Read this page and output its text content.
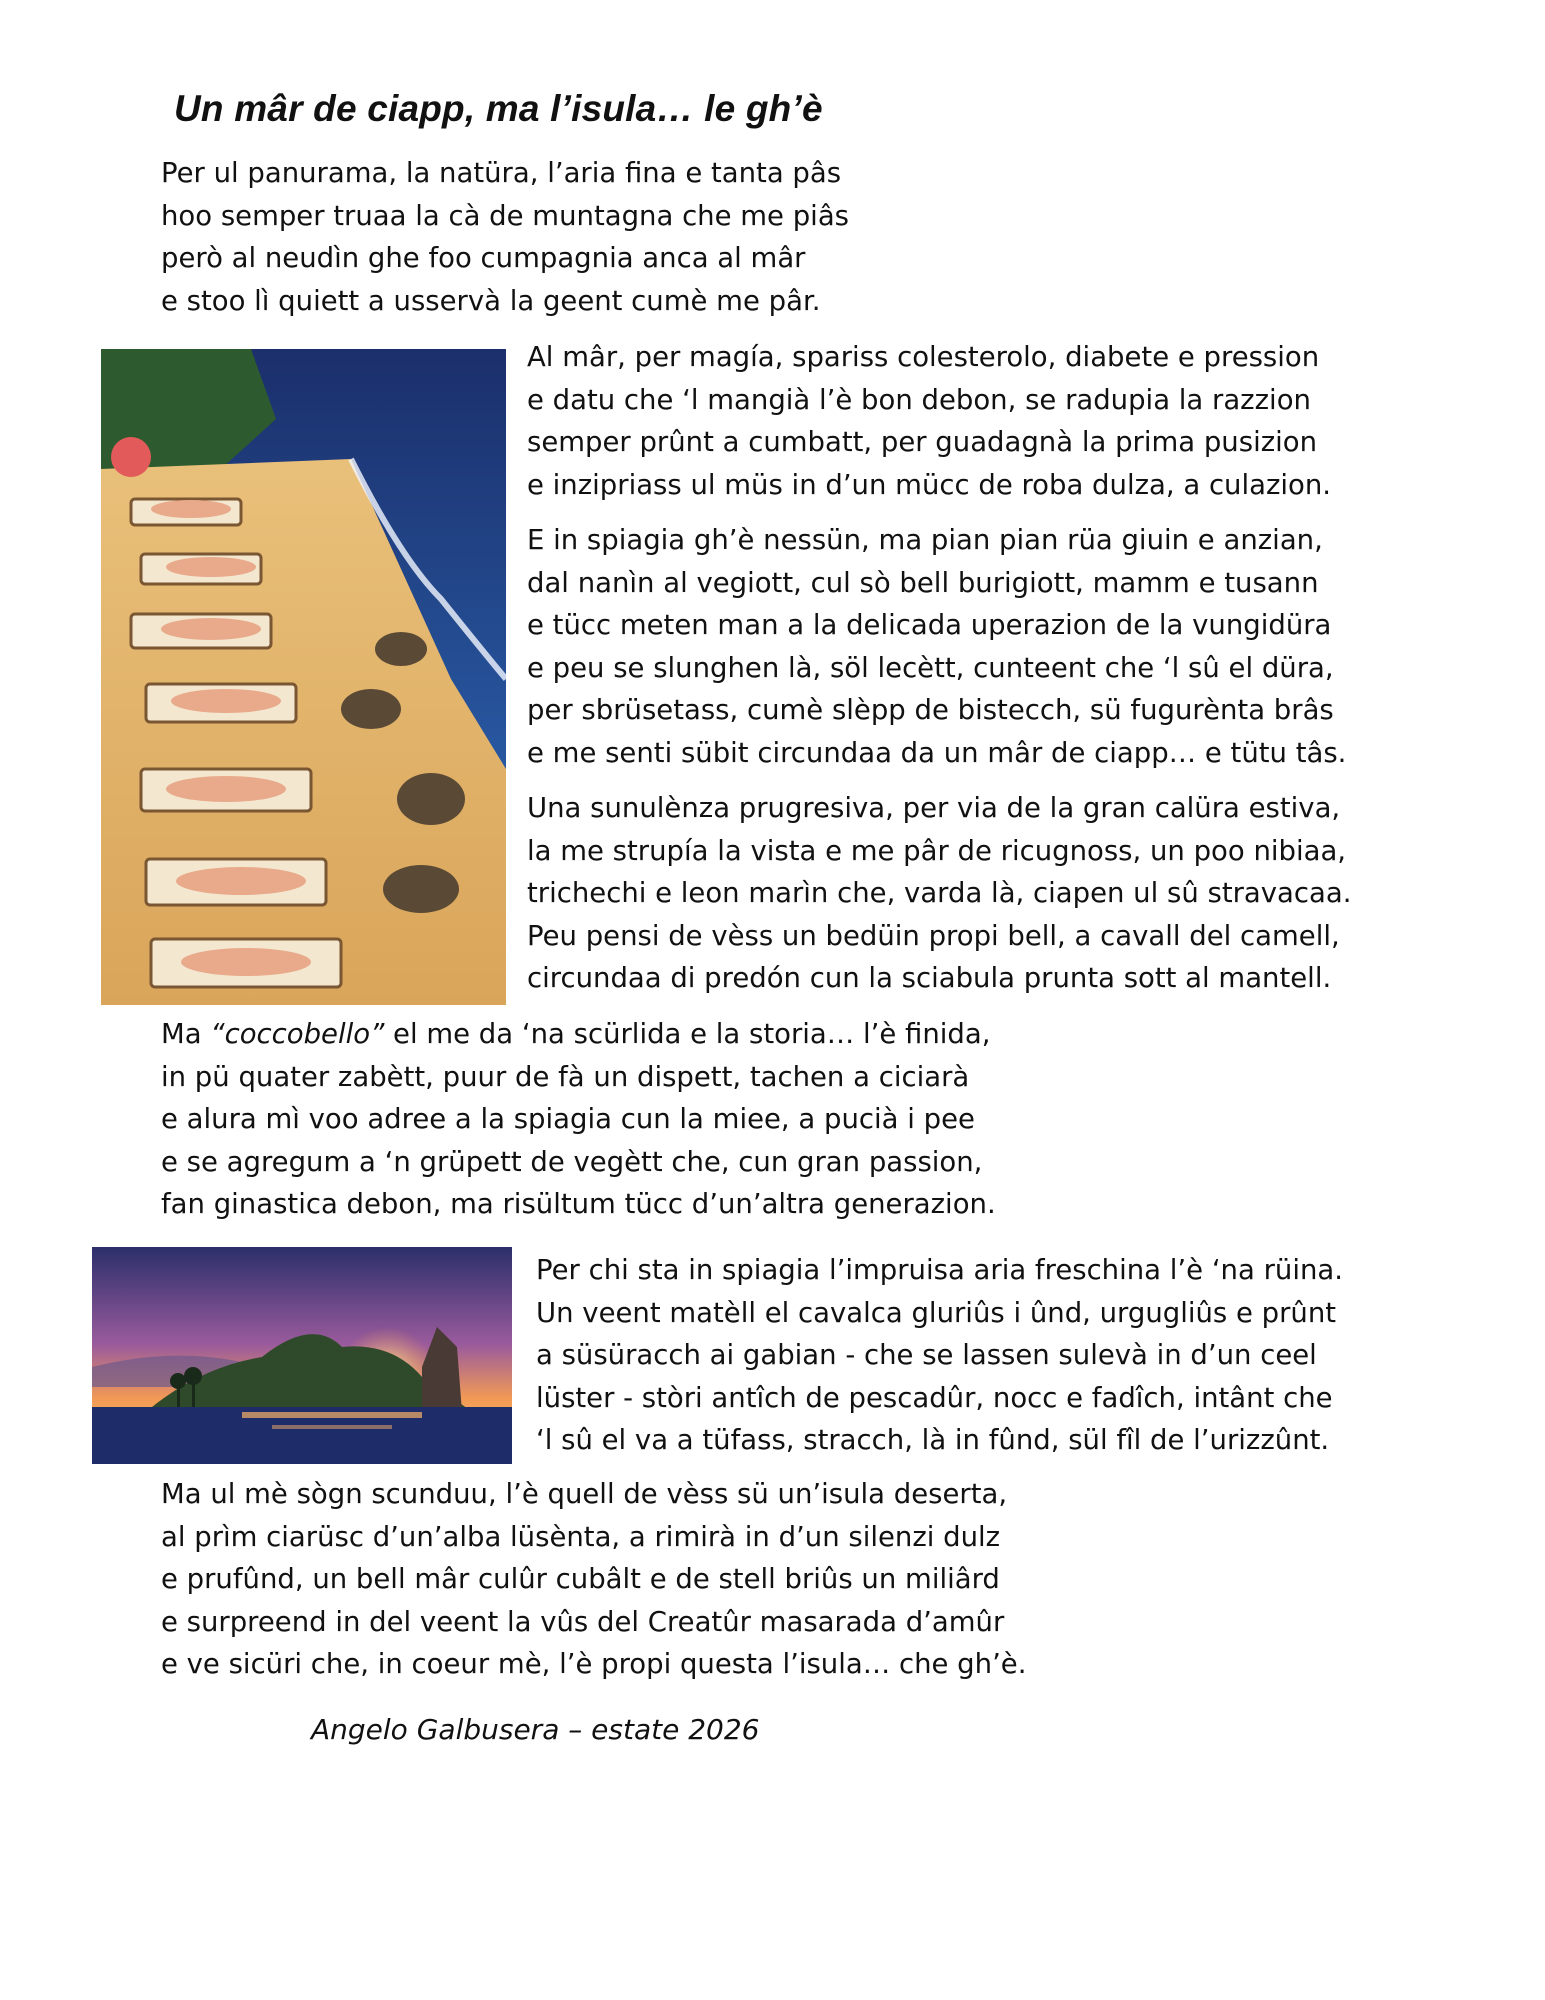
Un mâr de ciapp, ma l’isula… le gh’è
Per ul panurama, la natüra, l’aria fina e tanta pâs
hoo semper truaa la cà de muntagna che me piâs
però al neudìn ghe foo cumpagnia anca al mâr
e stoo lì quiett a usservà la geent cumè me pâr.
Al mâr, per magía, spariss colesterolo, diabete e pression
e datu che ‘l mangià l’è bon debon, se radupia la razzion
semper prûnt a cumbatt, per guadagnà la prima pusizion
e inzipriass ul müs in d’un mücc de roba dulza, a culazion.
E in spiagia gh’è nessün, ma pian pian rüa giuin e anzian,
dal nanìn al vegiott, cul sò bell burigiott, mamm e tusann
e tücc meten man a la delicada uperazion de la vungidüra
e peu se slunghen là, söl lecètt, cunteent che ‘l sû el düra,
per sbrüsetass, cumè slèpp de bistecch, sü fugurènta brâs
e me senti sübit circundaa da un mâr de ciapp… e tütu tâs.
Una sunulènza prugresiva, per via de la gran calüra estiva,
la me strupía la vista e me pâr de ricugnoss, un poo nibiaa,
trichechi e leon marìn che, varda là, ciapen ul sû stravacaa.
Peu pensi de vèss un bedüin propi bell, a cavall del camell,
circundaa di predón cun la sciabula prunta sott al mantell.
Ma “coccobello” el me da ‘na scürlida e la storia… l’è finida,
in pü quater zabètt, puur de fà un dispett, tachen a ciciarà
e alura mì voo adree a la spiagia cun la miee, a pucià i pee
e se agregum a ‘n grüpett de vegètt che, cun gran passion,
fan ginastica debon, ma risültum tücc d’un’altra generazion.
Per chi sta in spiagia l’impruisa aria freschina l’è ‘na rüina.
Un veent matèll el cavalca gluriûs i ûnd, urgugliûs e prûnt
a süsüracch ai gabian - che se lassen sulevà in d’un ceel
lüster - stòri antîch de pescadûr, nocc e fadîch, intânt che
‘l sû el va a tüfass, stracch, là in fûnd, sül fîl de l’urizzûnt.
Ma ul mè sògn scunduu, l’è quell de vèss sü un’isula deserta,
al prìm ciarüsc d’un’alba lüsènta, a rimirà in d’un silenzi dulz
e prufûnd, un bell mâr culûr cubâlt e de stell briûs un miliârd
e surpreend in del veent la vûs del Creatûr masarada d’amûr
e ve sicüri che, in coeur mè, l’è propi questa l’isula… che gh’è.

Angelo Galbusera – estate 2026
